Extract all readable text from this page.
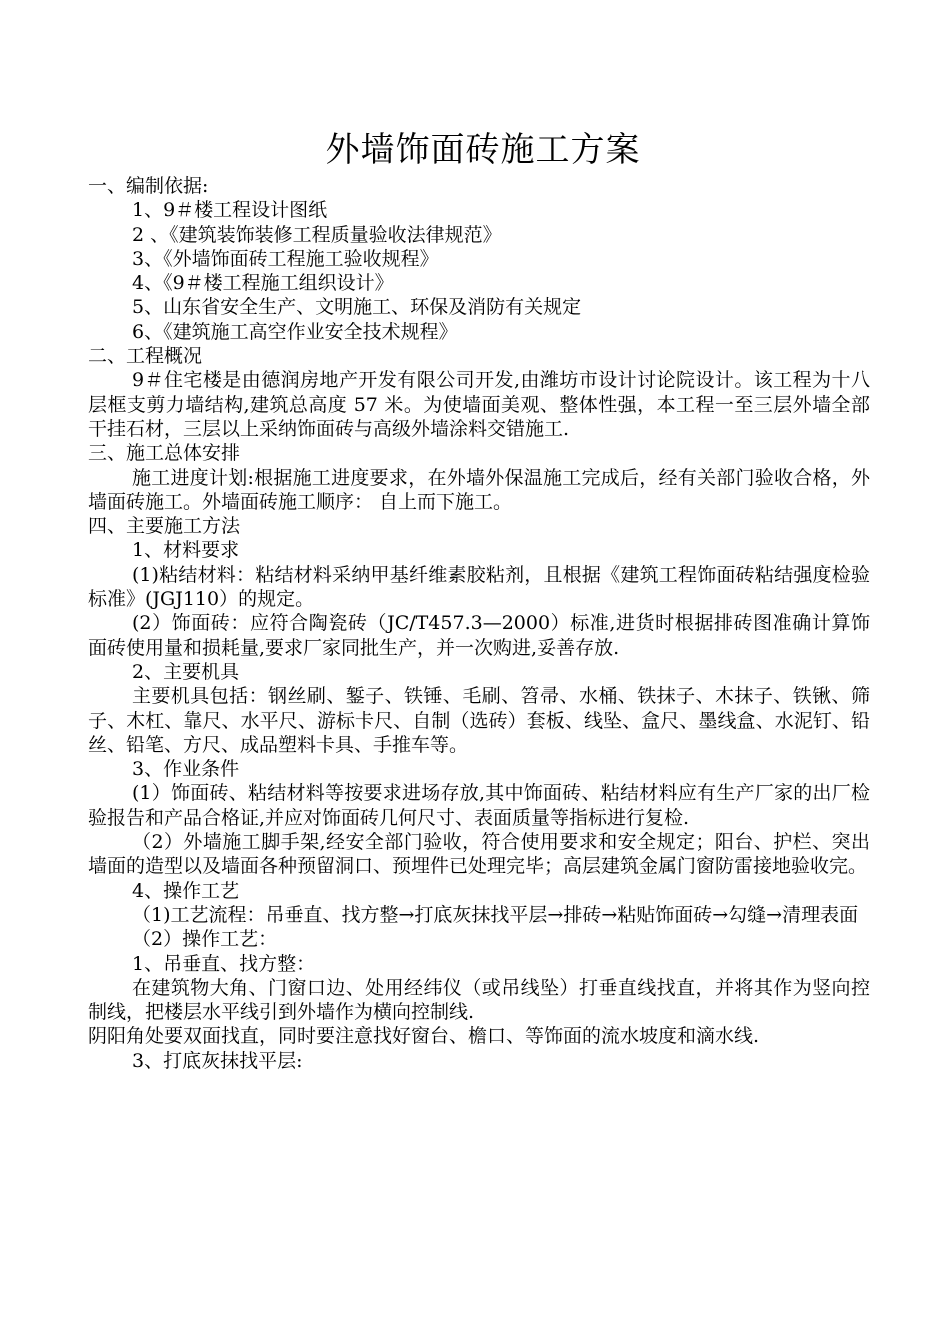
外墙饰面砖施工方案

一、编制依据:

1、9＃楼工程设计图纸

2 、《建筑装饰装修工程质量验收法律规范》

3、《外墙饰面砖工程施工验收规程》

4、《9＃楼工程施工组织设计》

5、山东省安全生产、文明施工、环保及消防有关规定

6、《建筑施工高空作业安全技术规程》

二、工程概况

9＃住宅楼是由德润房地产开发有限公司开发,由潍坊市设计讨论院设计。该工程为十八层框支剪力墙结构,建筑总高度 57 米。为使墙面美观、整体性强，本工程一至三层外墙全部干挂石材，三层以上采纳饰面砖与高级外墙涂料交错施工.

三、施工总体安排

施工进度计划:根据施工进度要求，在外墙外保温施工完成后，经有关部门验收合格，外墙面砖施工。外墙面砖施工顺序： 自上而下施工。

四、主要施工方法

1、材料要求

(1)粘结材料：粘结材料采纳甲基纤维素胶粘剂，且根据《建筑工程饰面砖粘结强度检验标准》(JGJ110）的规定。

(2）饰面砖：应符合陶瓷砖（JC/T457.3—2000）标准,进货时根据排砖图准确计算饰面砖使用量和损耗量,要求厂家同批生产，并一次购进,妥善存放.

2、主要机具

主要机具包括：钢丝刷、錾子、铁锤、毛刷、笤帚、水桶、铁抹子、木抹子、铁锹、筛子、木杠、靠尺、水平尺、游标卡尺、自制（选砖）套板、线坠、盒尺、墨线盒、水泥钉、铅丝、铅笔、方尺、成品塑料卡具、手推车等。

3、作业条件

(1）饰面砖、粘结材料等按要求进场存放,其中饰面砖、粘结材料应有生产厂家的出厂检验报告和产品合格证,并应对饰面砖几何尺寸、表面质量等指标进行复检.

（2）外墙施工脚手架,经安全部门验收，符合使用要求和安全规定；阳台、护栏、突出墙面的造型以及墙面各种预留洞口、预埋件已处理完毕；高层建筑金属门窗防雷接地验收完。

4、操作工艺

（1)工艺流程：吊垂直、找方整→打底灰抹找平层→排砖→粘贴饰面砖→勾缝→清理表面

（2）操作工艺：

1、吊垂直、找方整：

在建筑物大角、门窗口边、处用经纬仪（或吊线坠）打垂直线找直，并将其作为竖向控制线，把楼层水平线引到外墙作为横向控制线.

阴阳角处要双面找直，同时要注意找好窗台、檐口、等饰面的流水坡度和滴水线.

3、打底灰抹找平层:
